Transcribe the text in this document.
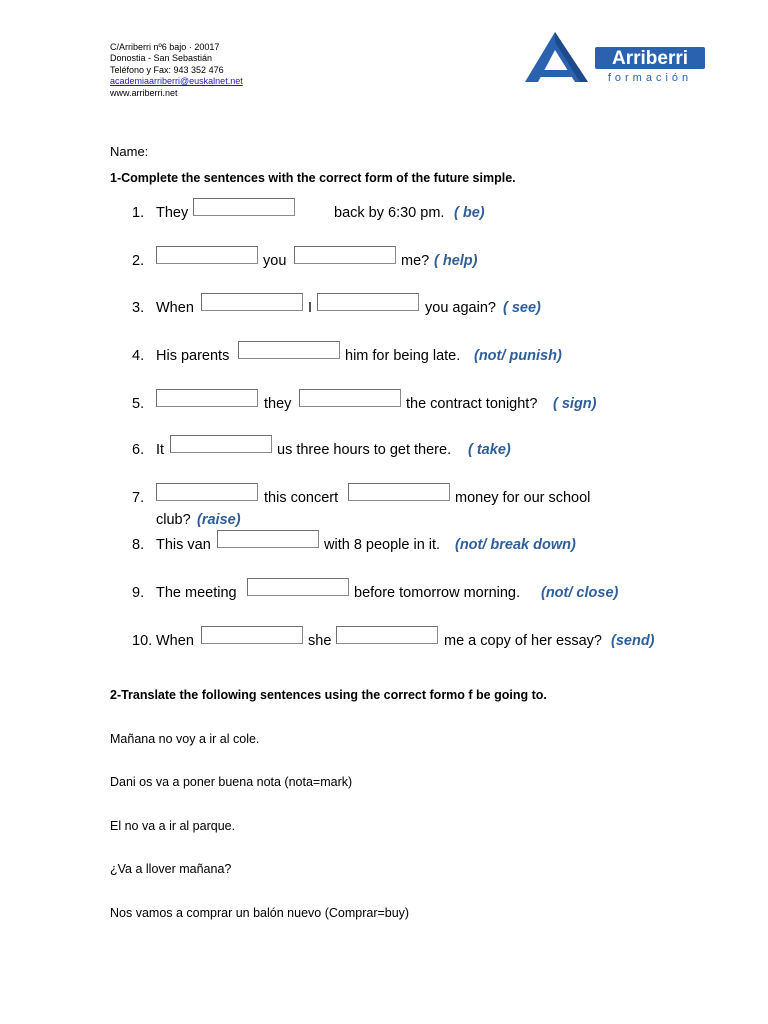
C/Arriberri nº6 bajo · 20017
Donostia - San Sebastián
Teléfono y Fax: 943 352 476
academiaarriberri@euskalnet.net
www.arriberri.net
Arriberri
formación
Name:
1-Complete the sentences with the correct form of the future simple.
1. They	back by 6:30 pm. ( be)
2.	you	me? ( help)
3. When	I	you again? ( see)
4. His parents	him for being late. (not/ punish)
5.	they	the contract tonight? ( sign)
6. It	us three hours to get there. ( take)
7.	this concert	money for our school
club? (raise)
8. This van	with 8 people in it. (not/ break down)
9. The meeting	before tomorrow morning. (not/ close)
10. When	she	me a copy of her essay? (send)
2-Translate the following sentences using the correct formo f be going to.
Mañana no voy a ir al cole.
Dani os va a poner buena nota (nota=mark)
El no va a ir al parque.
¿Va a llover mañana?
Nos vamos a comprar un balón nuevo (Comprar=buy)
